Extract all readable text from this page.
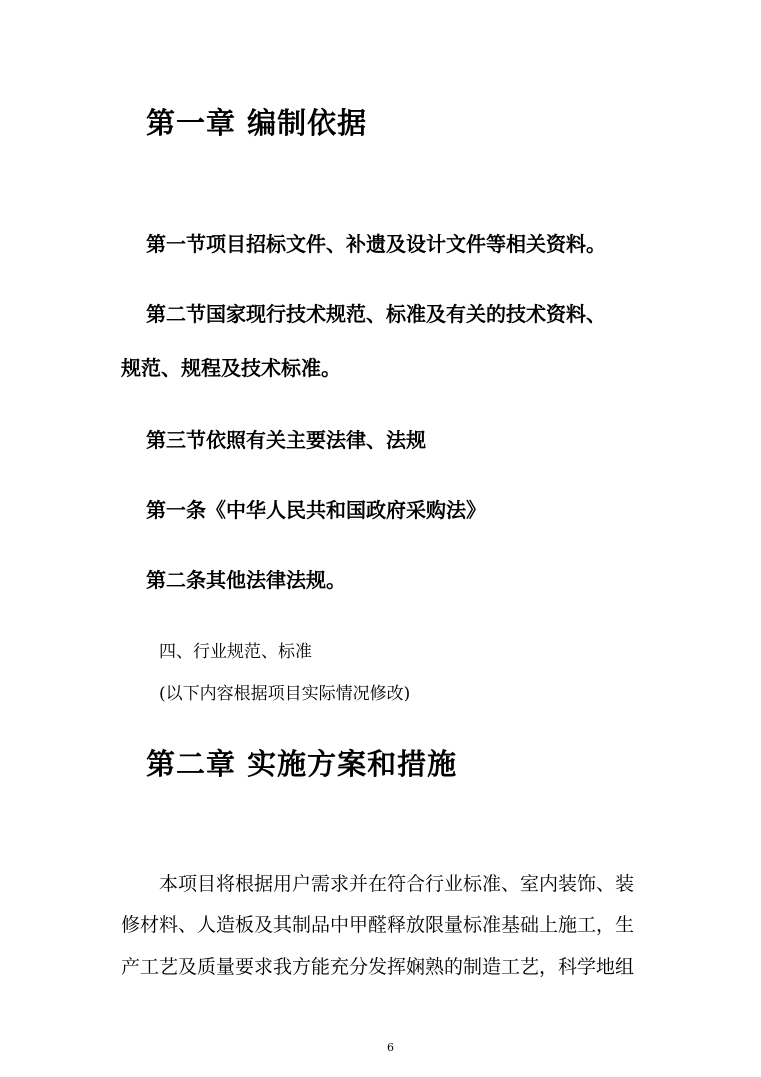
第一章 编制依据
第一节项目招标文件、补遗及设计文件等相关资料。
第二节国家现行技术规范、标准及有关的技术资料、
规范、规程及技术标准。
第三节依照有关主要法律、法规
第一条《中华人民共和国政府采购法》
第二条其他法律法规。
四、行业规范、标准
(以下内容根据项目实际情况修改)
第二章 实施方案和措施
本项目将根据用户需求并在符合行业标准、室内装饰、装
修材料、人造板及其制品中甲醛释放限量标准基础上施工，生
产工艺及质量要求我方能充分发挥娴熟的制造工艺，科学地组
6
